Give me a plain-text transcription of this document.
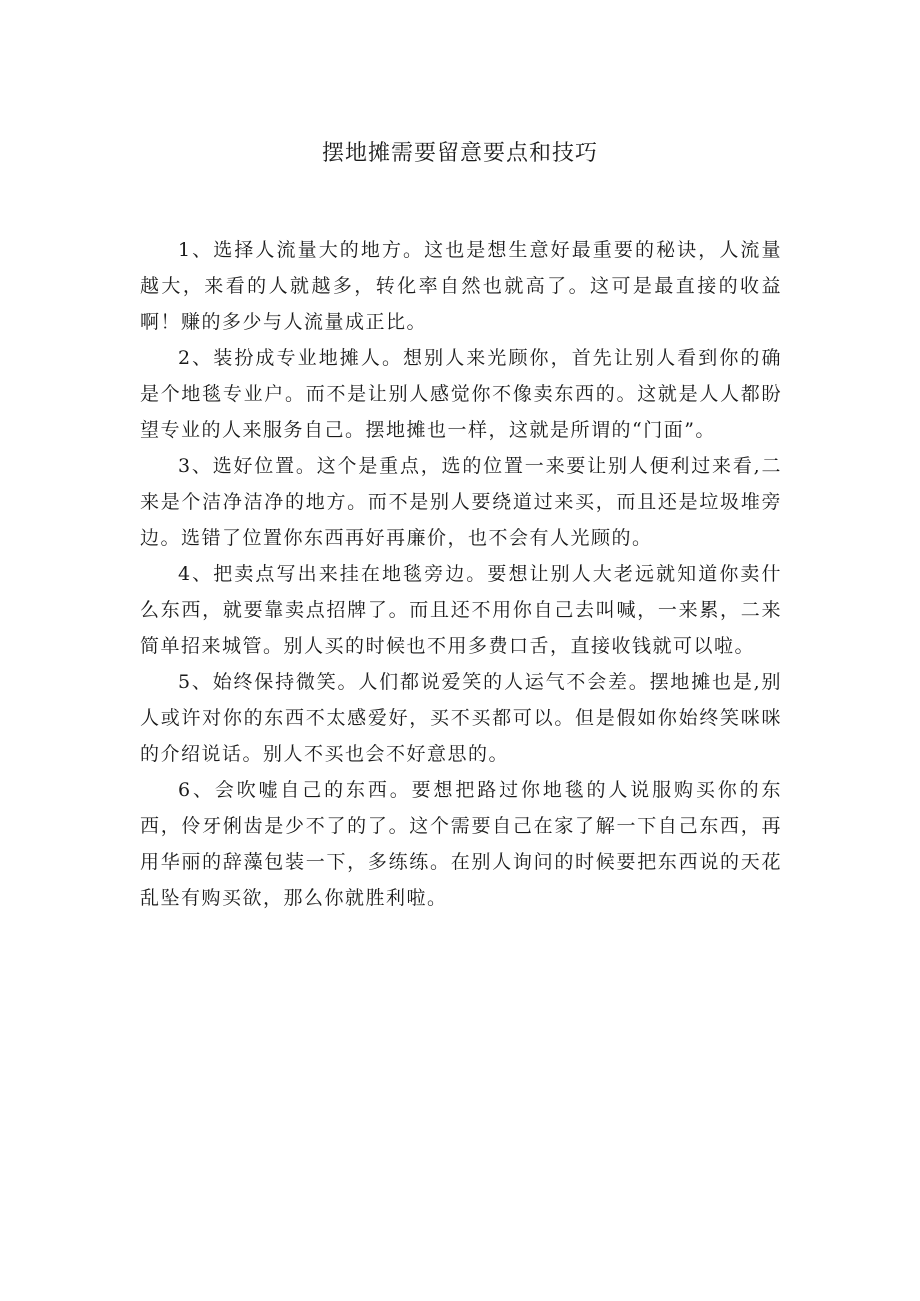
摆地摊需要留意要点和技巧

1、选择人流量大的地方。这也是想生意好最重要的秘诀，人流量越大，来看的人就越多，转化率自然也就高了。这可是最直接的收益啊！赚的多少与人流量成正比。

2、装扮成专业地摊人。想别人来光顾你，首先让别人看到你的确是个地毯专业户。而不是让别人感觉你不像卖东西的。这就是人人都盼望专业的人来服务自己。摆地摊也一样，这就是所谓的“门面”。

3、选好位置。这个是重点，选的位置一来要让别人便利过来看,二来是个洁净洁净的地方。而不是别人要绕道过来买，而且还是垃圾堆旁边。选错了位置你东西再好再廉价，也不会有人光顾的。

4、把卖点写出来挂在地毯旁边。要想让别人大老远就知道你卖什么东西，就要靠卖点招牌了。而且还不用你自己去叫喊，一来累，二来简单招来城管。别人买的时候也不用多费口舌，直接收钱就可以啦。

5、始终保持微笑。人们都说爱笑的人运气不会差。摆地摊也是,别人或许对你的东西不太感爱好，买不买都可以。但是假如你始终笑咪咪的介绍说话。别人不买也会不好意思的。

6、会吹嘘自己的东西。要想把路过你地毯的人说服购买你的东西，伶牙俐齿是少不了的了。这个需要自己在家了解一下自己东西，再用华丽的辞藻包装一下，多练练。在别人询问的时候要把东西说的天花乱坠有购买欲，那么你就胜利啦。
